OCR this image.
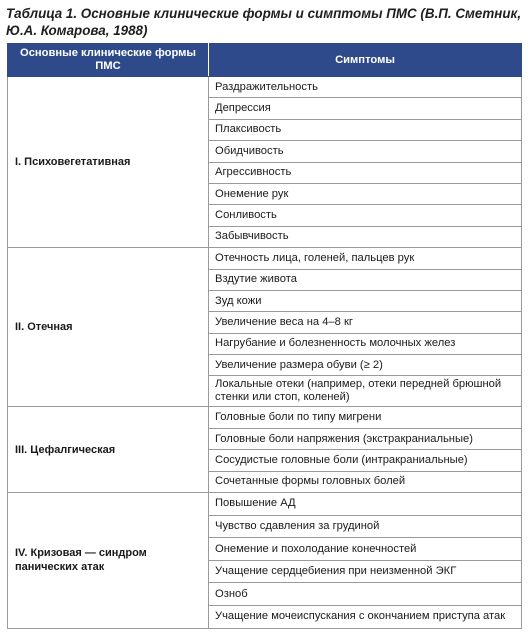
Таблица 1. Основные клинические формы и симптомы ПМС (В.П. Сметник, Ю.А. Комарова, 1988)
Основные клинические формы ПМС	Симптомы
I. Психовегетативная	Раздражительность
	Депрессия
	Плаксивость
	Обидчивость
	Агрессивность
	Онемение рук
	Сонливость
	Забывчивость
II. Отечная	Отечность лица, голеней, пальцев рук
	Вздутие живота
	Зуд кожи
	Увеличение веса на 4–8 кг
	Нагрубание и болезненность молочных желез
	Увеличение размера обуви (≥ 2)
	Локальные отеки (например, отеки передней брюшной стенки или стоп, коленей)
III. Цефалгическая	Головные боли по типу мигрени
	Головные боли напряжения (экстракраниальные)
	Сосудистые головные боли (интракраниальные)
	Сочетанные формы головных болей
IV. Кризовая — синдром панических атак	Повышение АД
	Чувство сдавления за грудиной
	Онемение и похолодание конечностей
	Учащение сердцебиения при неизменной ЭКГ
	Озноб
	Учащение мочеиспускания с окончанием приступа атак
